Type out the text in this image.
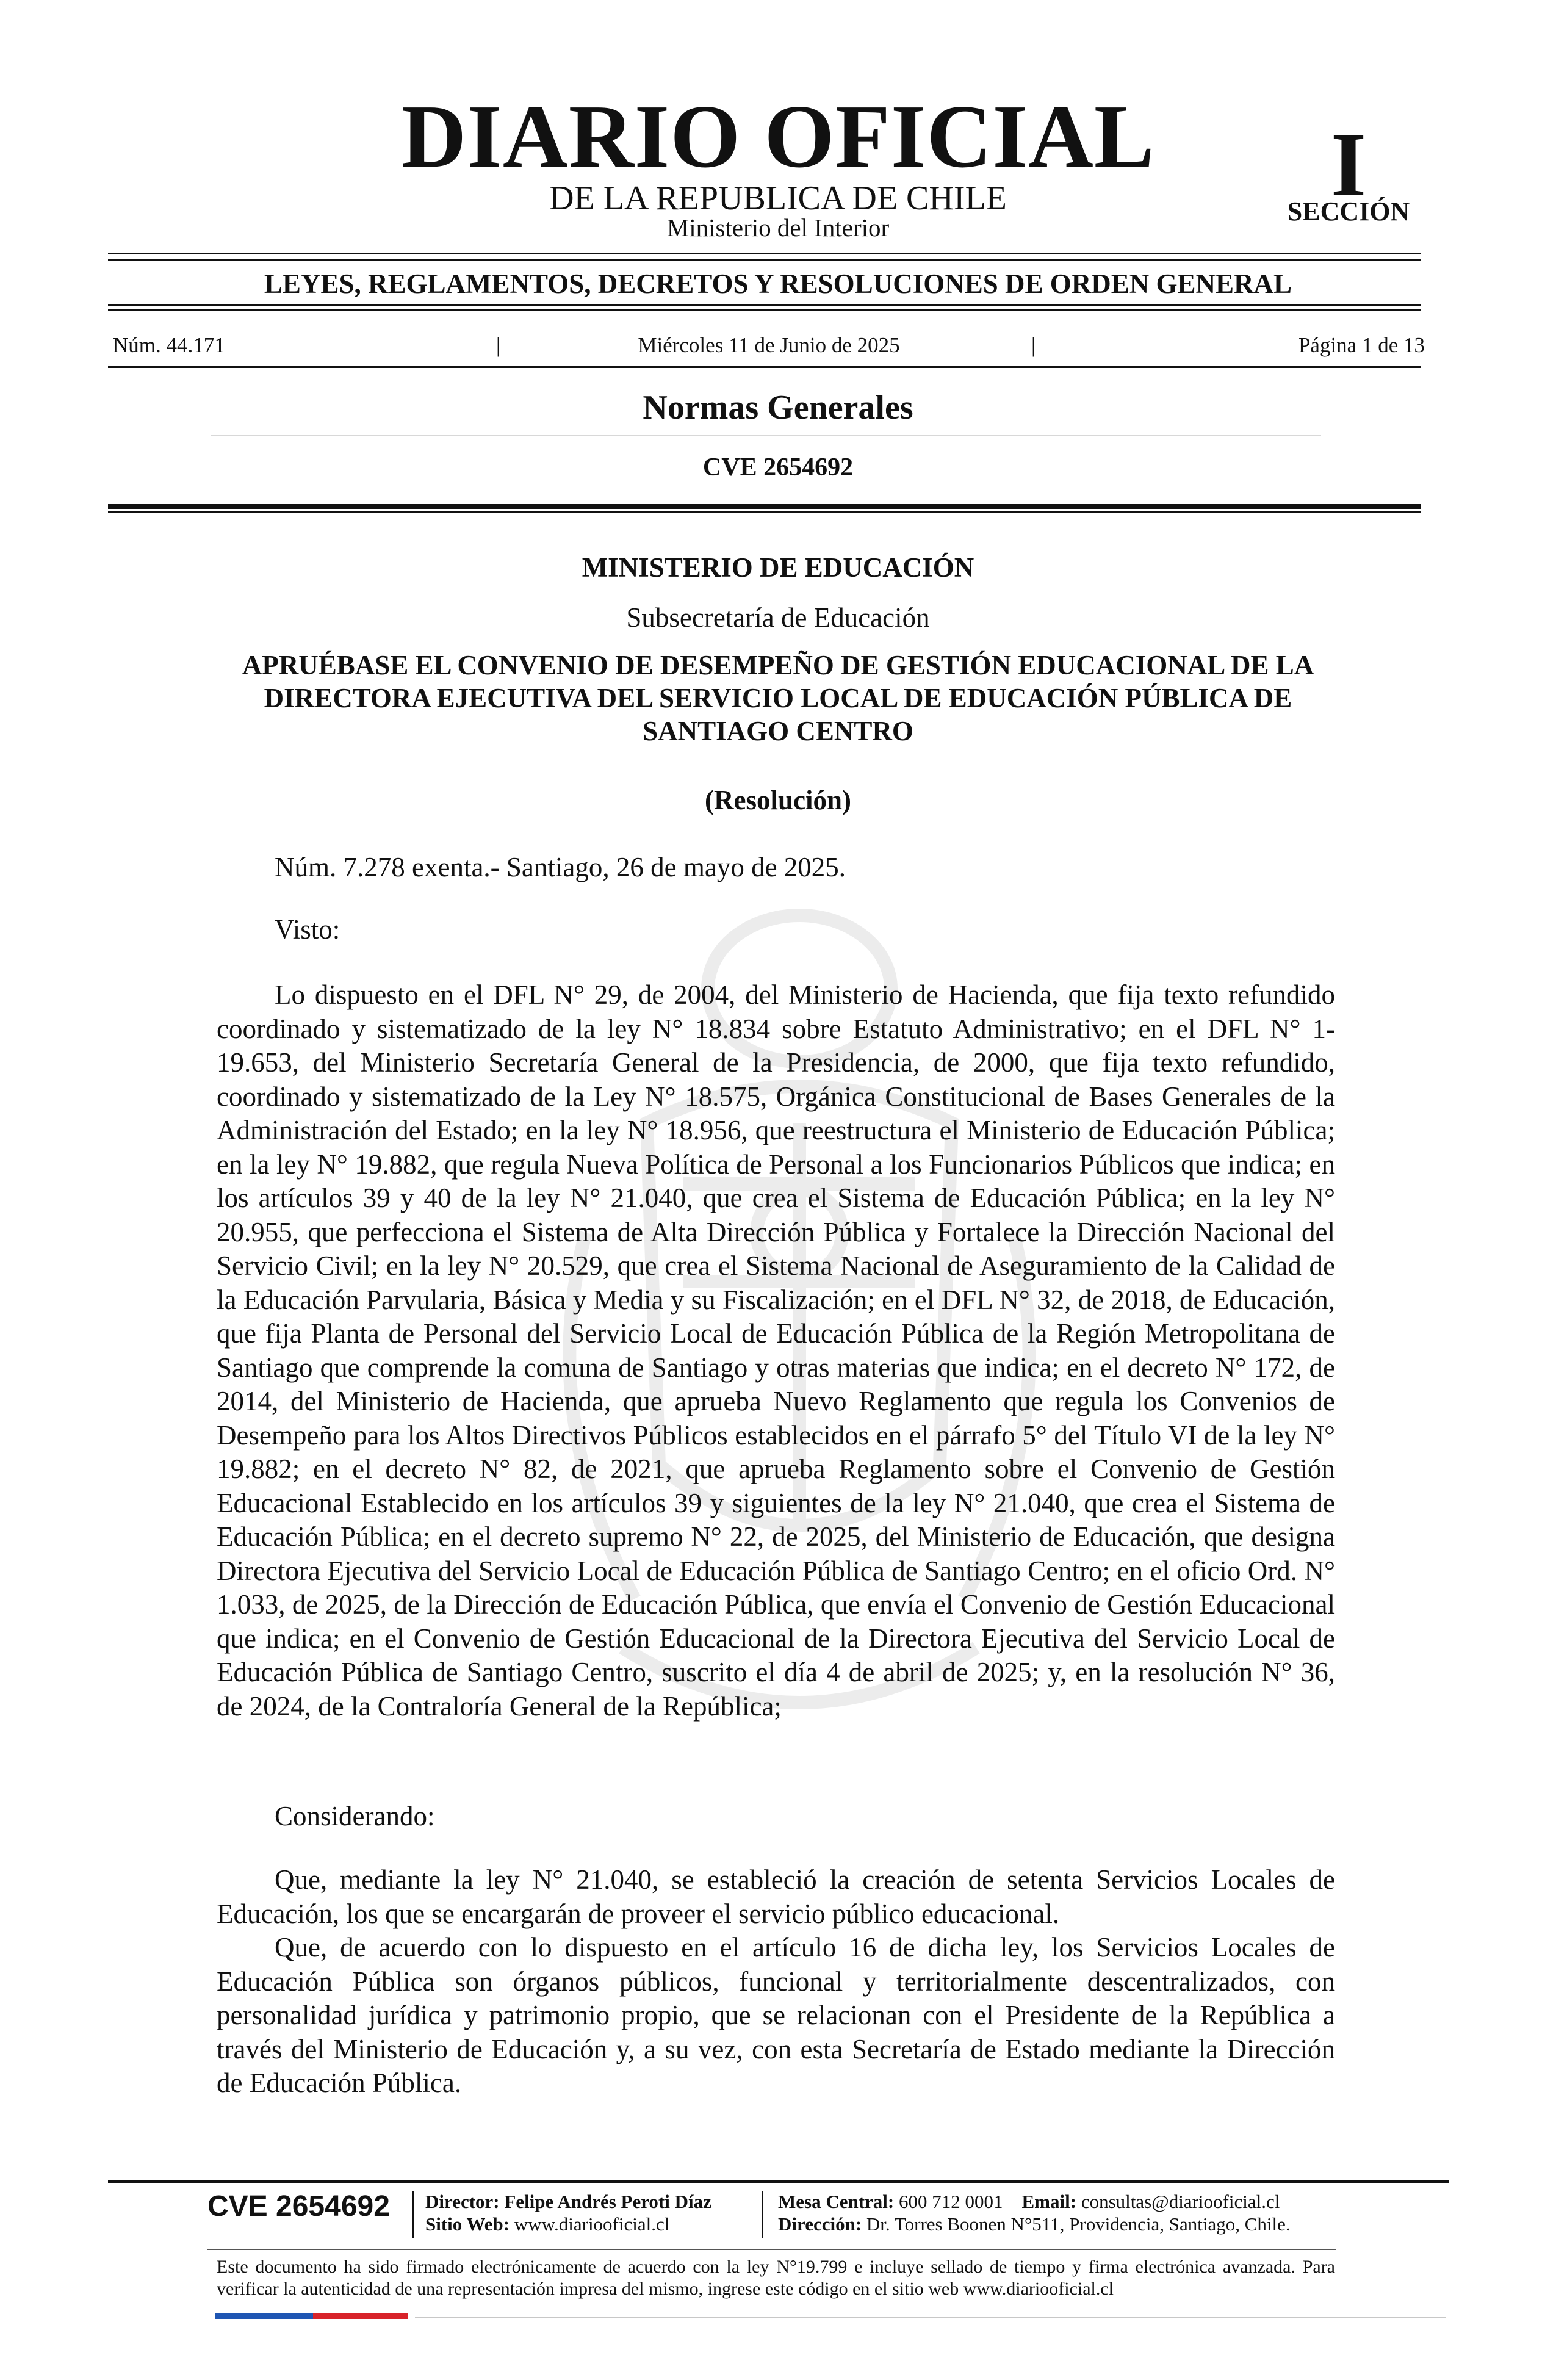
DIARIO OFICIAL
DE LA REPUBLICA DE CHILE
Ministerio del Interior
I
SECCIÓN
LEYES, REGLAMENTOS, DECRETOS Y RESOLUCIONES DE ORDEN GENERAL
Núm. 44.171	|	Miércoles 11 de Junio de 2025	|	Página 1 de 13
Normas Generales
CVE 2654692
MINISTERIO DE EDUCACIÓN
Subsecretaría de Educación
APRUÉBASE EL CONVENIO DE DESEMPEÑO DE GESTIÓN EDUCACIONAL DE LA DIRECTORA EJECUTIVA DEL SERVICIO LOCAL DE EDUCACIÓN PÚBLICA DE SANTIAGO CENTRO
(Resolución)
Núm. 7.278 exenta.- Santiago, 26 de mayo de 2025.
Visto:

Lo dispuesto en el DFL N° 29, de 2004, del Ministerio de Hacienda, que fija texto refundido coordinado y sistematizado de la ley N° 18.834 sobre Estatuto Administrativo; en el DFL N° 1-19.653, del Ministerio Secretaría General de la Presidencia, de 2000, que fija texto refundido, coordinado y sistematizado de la Ley N° 18.575, Orgánica Constitucional de Bases Generales de la Administración del Estado; en la ley N° 18.956, que reestructura el Ministerio de Educación Pública; en la ley N° 19.882, que regula Nueva Política de Personal a los Funcionarios Públicos que indica; en los artículos 39 y 40 de la ley N° 21.040, que crea el Sistema de Educación Pública; en la ley N° 20.955, que perfecciona el Sistema de Alta Dirección Pública y Fortalece la Dirección Nacional del Servicio Civil; en la ley N° 20.529, que crea el Sistema Nacional de Aseguramiento de la Calidad de la Educación Parvularia, Básica y Media y su Fiscalización; en el DFL N° 32, de 2018, de Educación, que fija Planta de Personal del Servicio Local de Educación Pública de la Región Metropolitana de Santiago que comprende la comuna de Santiago y otras materias que indica; en el decreto N° 172, de 2014, del Ministerio de Hacienda, que aprueba Nuevo Reglamento que regula los Convenios de Desempeño para los Altos Directivos Públicos establecidos en el párrafo 5° del Título VI de la ley N° 19.882; en el decreto N° 82, de 2021, que aprueba Reglamento sobre el Convenio de Gestión Educacional Establecido en los artículos 39 y siguientes de la ley N° 21.040, que crea el Sistema de Educación Pública; en el decreto supremo N° 22, de 2025, del Ministerio de Educación, que designa Directora Ejecutiva del Servicio Local de Educación Pública de Santiago Centro; en el oficio Ord. N° 1.033, de 2025, de la Dirección de Educación Pública, que envía el Convenio de Gestión Educacional que indica; en el Convenio de Gestión Educacional de la Directora Ejecutiva del Servicio Local de Educación Pública de Santiago Centro, suscrito el día 4 de abril de 2025; y, en la resolución N° 36, de 2024, de la Contraloría General de la República;

Considerando:

Que, mediante la ley N° 21.040, se estableció la creación de setenta Servicios Locales de Educación, los que se encargarán de proveer el servicio público educacional.

Que, de acuerdo con lo dispuesto en el artículo 16 de dicha ley, los Servicios Locales de Educación Pública son órganos públicos, funcional y territorialmente descentralizados, con personalidad jurídica y patrimonio propio, que se relacionan con el Presidente de la República a través del Ministerio de Educación y, a su vez, con esta Secretaría de Estado mediante la Dirección de Educación Pública.

CVE 2654692 Director: Felipe Andrés Peroti Díaz
Sitio Web: www.diariooficial.cl
Mesa Central: 600 712 0001 Email: consultas@diariooficial.cl
Dirección: Dr. Torres Boonen N°511, Providencia, Santiago, Chile.
Este documento ha sido firmado electrónicamente de acuerdo con la ley N°19.799 e incluye sellado de tiempo y firma electrónica avanzada. Para verificar la autenticidad de una representación impresa del mismo, ingrese este código en el sitio web www.diariooficial.cl
